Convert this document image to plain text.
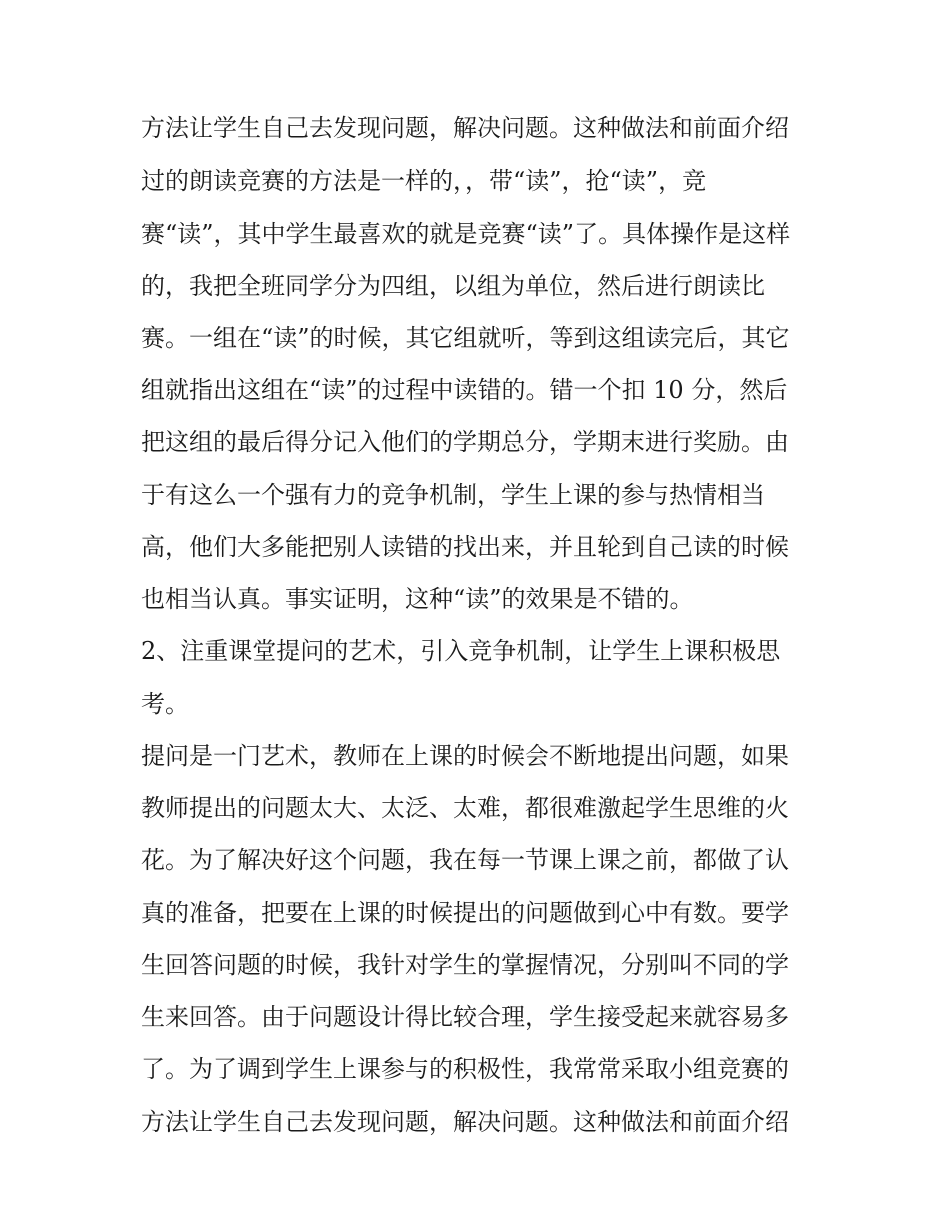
方法让学生自己去发现问题，解决问题。这种做法和前面介绍
过的朗读竞赛的方法是一样的，，带“读”，抢“读”，竞
赛“读”，其中学生最喜欢的就是竞赛“读”了。具体操作是这样
的，我把全班同学分为四组，以组为单位，然后进行朗读比
赛。一组在“读”的时候，其它组就听，等到这组读完后，其它
组就指出这组在“读”的过程中读错的。错一个扣 10 分，然后
把这组的最后得分记入他们的学期总分，学期末进行奖励。由
于有这么一个强有力的竞争机制，学生上课的参与热情相当
高，他们大多能把别人读错的找出来，并且轮到自己读的时候
也相当认真。事实证明，这种“读”的效果是不错的。
2、注重课堂提问的艺术，引入竞争机制，让学生上课积极思
考。
提问是一门艺术，教师在上课的时候会不断地提出问题，如果
教师提出的问题太大、太泛、太难，都很难激起学生思维的火
花。为了解决好这个问题，我在每一节课上课之前，都做了认
真的准备，把要在上课的时候提出的问题做到心中有数。要学
生回答问题的时候，我针对学生的掌握情况，分别叫不同的学
生来回答。由于问题设计得比较合理，学生接受起来就容易多
了。为了调到学生上课参与的积极性，我常常采取小组竞赛的
方法让学生自己去发现问题，解决问题。这种做法和前面介绍
